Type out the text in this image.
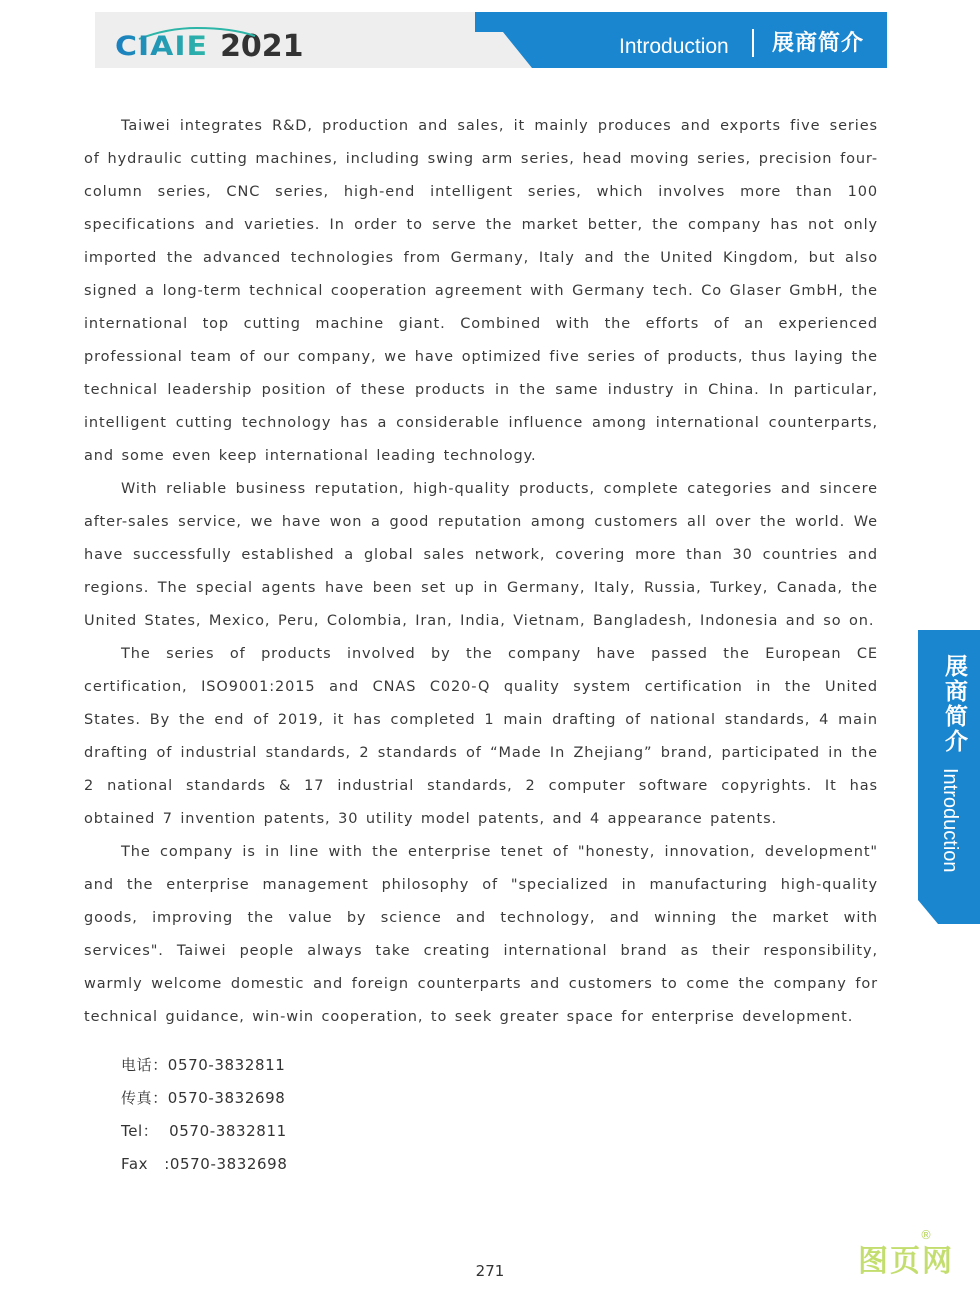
CIAIE 2021	Introduction 展商简介

Taiwei integrates R&D, production and sales, it mainly produces and exports five series of hydraulic cutting machines, including swing arm series, head moving series, precision four-column series, CNC series, high-end intelligent series, which involves more than 100 specifications and varieties. In order to serve the market better, the company has not only imported the advanced technologies from Germany, Italy and the United Kingdom, but also signed a long-term technical cooperation agreement with Germany tech. Co Glaser GmbH, the international top cutting machine giant. Combined with the efforts of an experienced professional team of our company, we have optimized five series of products, thus laying the technical leadership position of these products in the same industry in China. In particular, intelligent cutting technology has a considerable influence among international counterparts, and some even keep international leading technology.

With reliable business reputation, high-quality products, complete categories and sincere after-sales service, we have won a good reputation among customers all over the world. We have successfully established a global sales network, covering more than 30 countries and regions. The special agents have been set up in Germany, Italy, Russia, Turkey, Canada, the United States, Mexico, Peru, Colombia, Iran, India, Vietnam, Bangladesh, Indonesia and so on.

The series of products involved by the company have passed the European CE certification, ISO9001:2015 and CNAS C020-Q quality system certification in the United States. By the end of 2019, it has completed 1 main drafting of national standards, 4 main drafting of industrial standards, 2 standards of “Made In Zhejiang” brand, participated in the 2 national standards & 17 industrial standards, 2 computer software copyrights. It has obtained 7 invention patents, 30 utility model patents, and 4 appearance patents.

The company is in line with the enterprise tenet of "honesty, innovation, development" and the enterprise management philosophy of "specialized in manufacturing high-quality goods, improving the value by science and technology, and winning the market with services". Taiwei people always take creating international brand as their responsibility, warmly welcome domestic and foreign counterparts and customers to come the company for technical guidance, win-win cooperation, to seek greater space for enterprise development.

电话：0570-3832811
传真：0570-3832698
Tel：  0570-3832811
Fax   :0570-3832698
展商简介
Introduction
271	图页网
®
